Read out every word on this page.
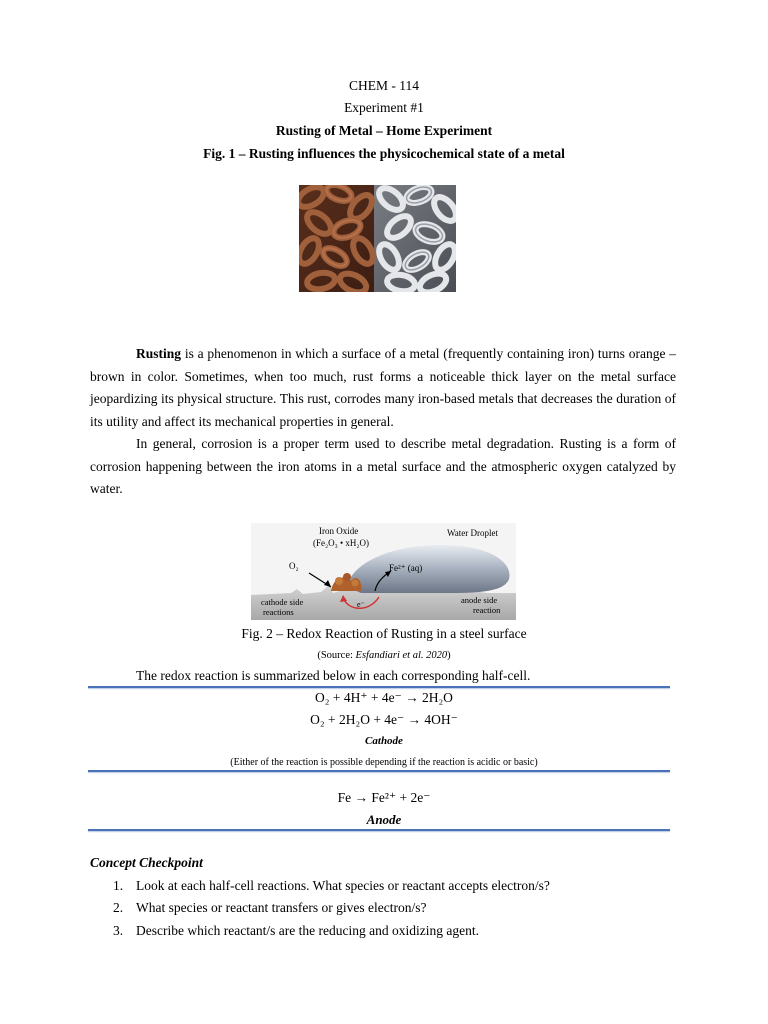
CHEM - 114
Experiment #1
Rusting of Metal – Home Experiment
Fig. 1 – Rusting influences the physicochemical state of a metal
Rusting is a phenomenon in which a surface of a metal (frequently containing iron) turns orange – brown in color. Sometimes, when too much, rust forms a noticeable thick layer on the metal surface jeopardizing its physical structure. This rust, corrodes many iron-based metals that decreases the duration of its utility and affect its mechanical properties in general.
In general, corrosion is a proper term used to describe metal degradation. Rusting is a form of corrosion happening between the iron atoms in a metal surface and the atmospheric oxygen catalyzed by water.
Iron Oxide
(Fe₂O₃ • xH₂O)
Water Droplet
O₂	Fe²⁺ (aq)
e⁻
cathode side
reactions
anode side
reaction
Fig. 2 – Redox Reaction of Rusting in a steel surface
(Source: Esfandiari et al. 2020)
The redox reaction is summarized below in each corresponding half-cell.
O₂ + 4H⁺ + 4e⁻ → 2H₂O
O₂ + 2H₂O + 4e⁻ → 4OH⁻
Cathode
(Either of the reaction is possible depending if the reaction is acidic or basic)
Fe → Fe²⁺ + 2e⁻
Anode
Concept Checkpoint
1. Look at each half-cell reactions. What species or reactant accepts electron/s?
2. What species or reactant transfers or gives electron/s?
3. Describe which reactant/s are the reducing and oxidizing agent.
